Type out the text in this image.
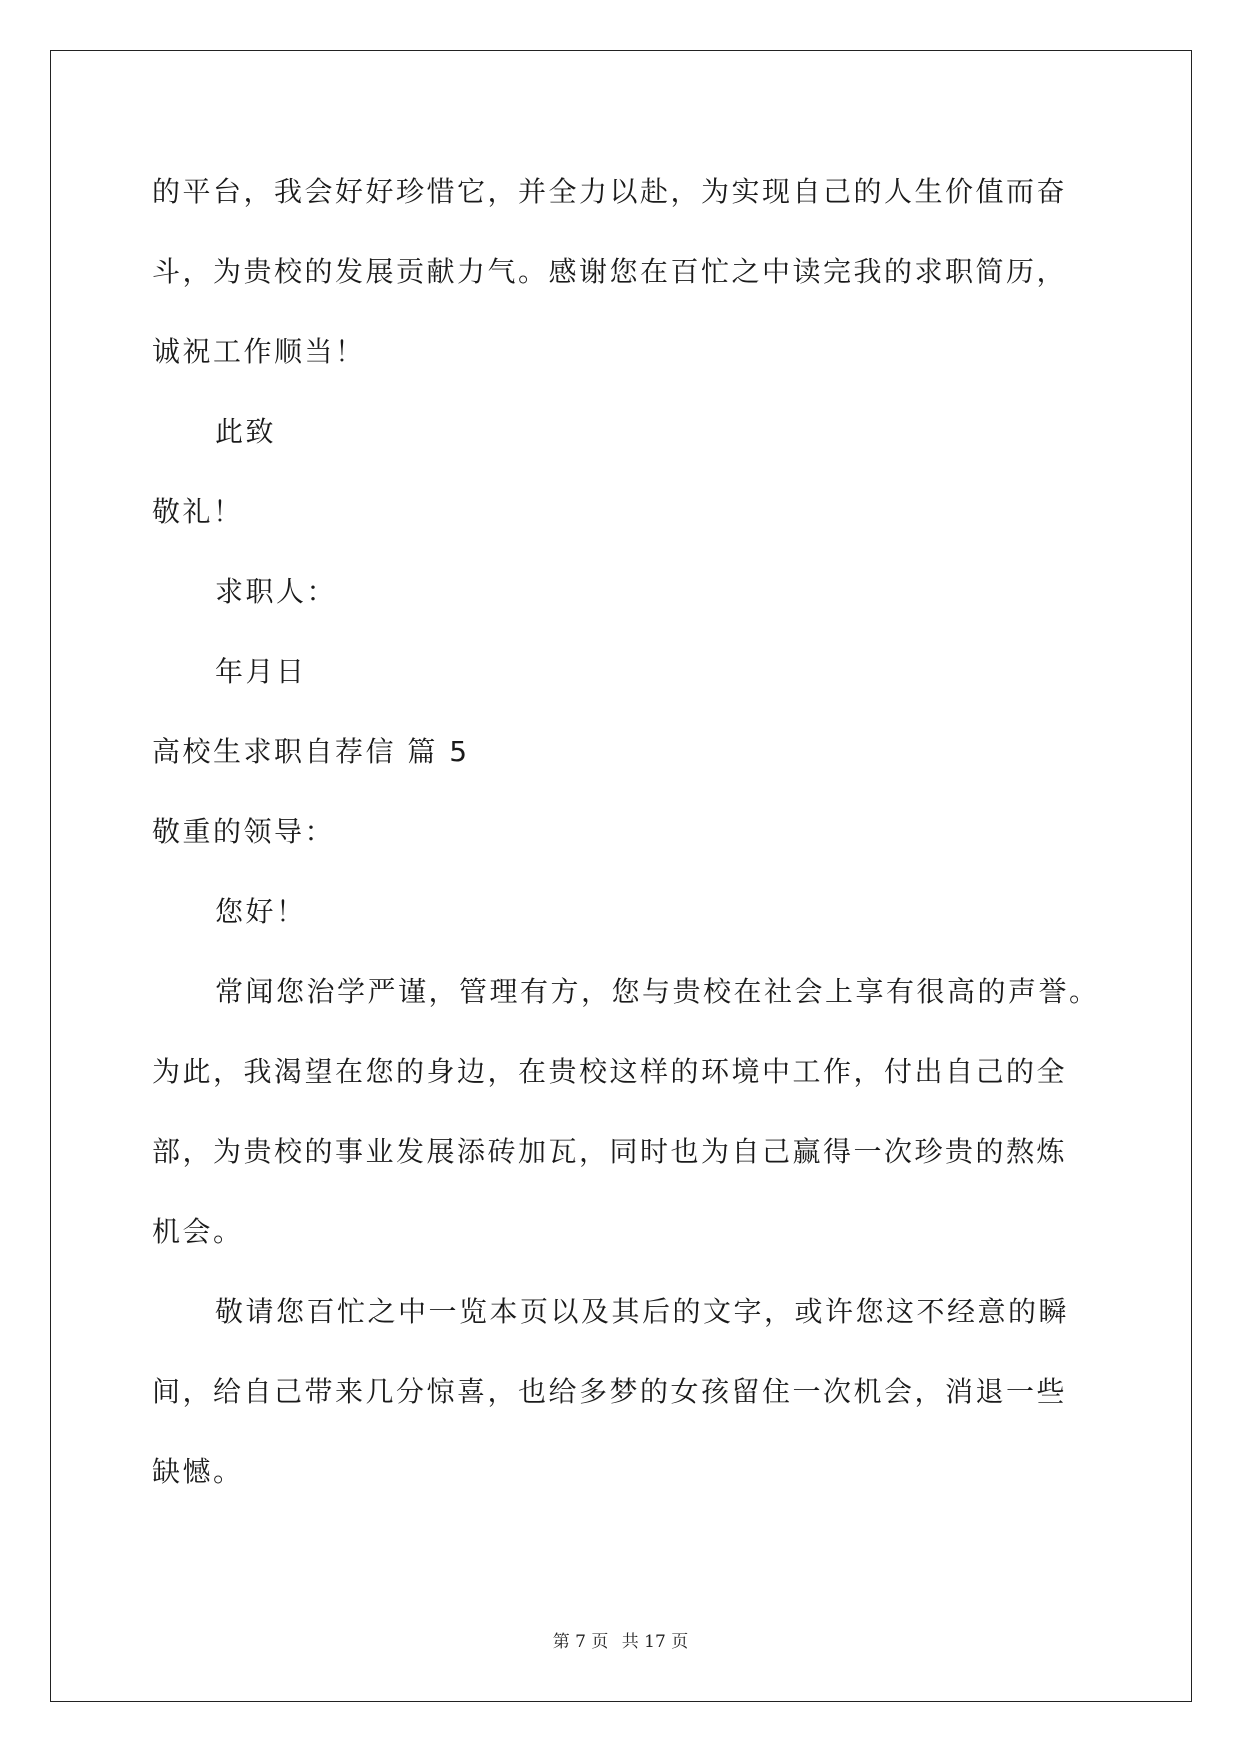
的平台，我会好好珍惜它，并全力以赴，为实现自己的人生价值而奋
斗，为贵校的发展贡献力气。感谢您在百忙之中读完我的求职简历，
诚祝工作顺当！
此致
敬礼！
求职人：
年月日
高校生求职自荐信 篇 5
敬重的领导：
您好！
常闻您治学严谨，管理有方，您与贵校在社会上享有很高的声誉。
为此，我渴望在您的身边，在贵校这样的环境中工作，付出自己的全
部，为贵校的事业发展添砖加瓦，同时也为自己赢得一次珍贵的熬炼
机会。
敬请您百忙之中一览本页以及其后的文字，或许您这不经意的瞬
间，给自己带来几分惊喜，也给多梦的女孩留住一次机会，消退一些
缺憾。
第 7 页 共 17 页
